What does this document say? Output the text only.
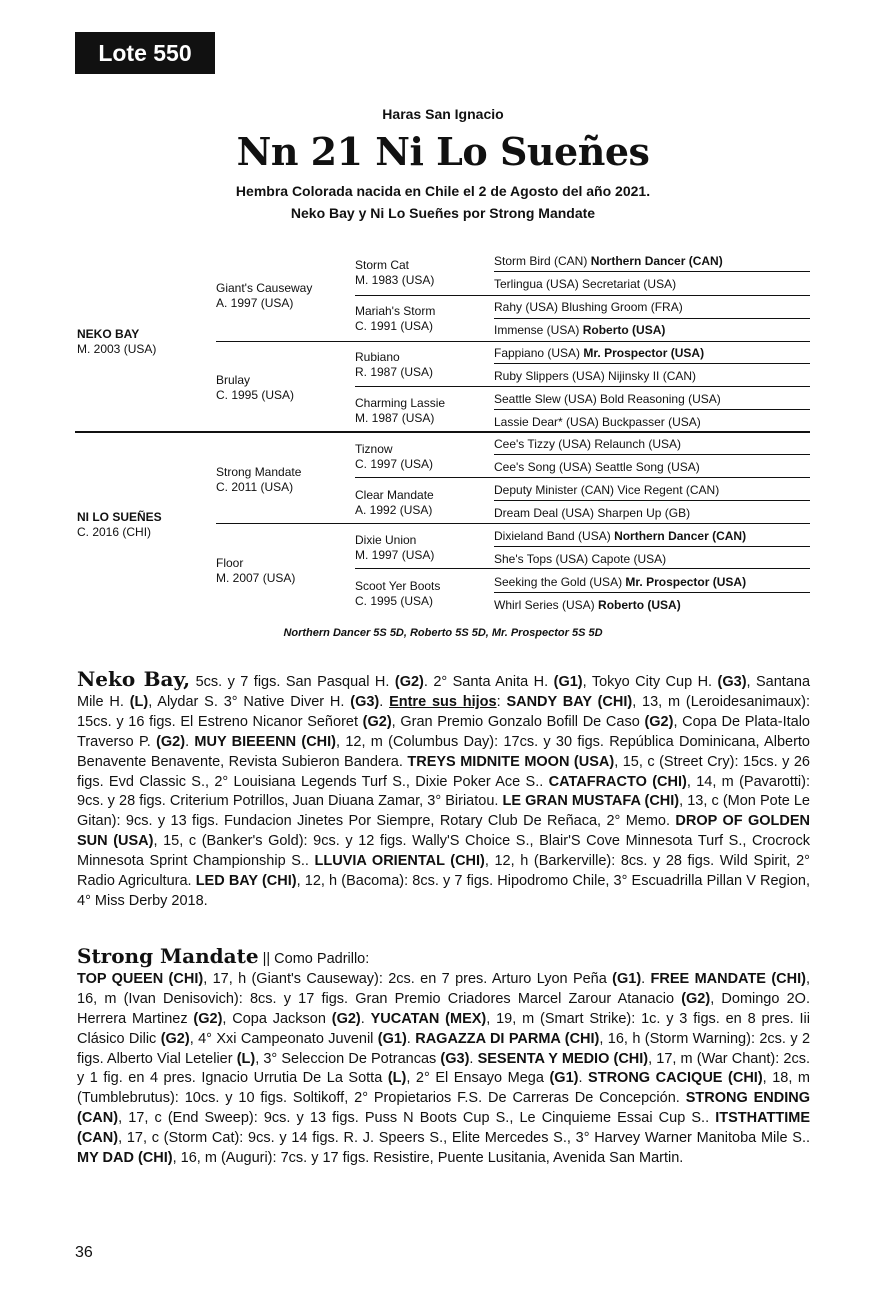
Lote 550
Haras San Ignacio
Nn 21 Ni Lo Sueñes
Hembra Colorada nacida en Chile el 2 de Agosto del año 2021.
Neko Bay y Ni Lo Sueñes por Strong Mandate
NEKO BAY
M. 2003 (USA)
NI LO SUEÑES
C. 2016 (CHI)
Giant's Causeway
A. 1997 (USA)
Brulay
C. 1995 (USA)
Strong Mandate
C. 2011 (USA)
Floor
M. 2007 (USA)
Storm Cat
M. 1983 (USA)
Mariah's Storm
C. 1991 (USA)
Rubiano
R. 1987 (USA)
Charming Lassie
M. 1987 (USA)
Tiznow
C. 1997 (USA)
Clear Mandate
A. 1992 (USA)
Dixie Union
M. 1997 (USA)
Scoot Yer Boots
C. 1995 (USA)
Storm Bird (CAN) Northern Dancer (CAN)
Terlingua (USA) Secretariat (USA)
Rahy (USA) Blushing Groom (FRA)
Immense (USA) Roberto (USA)
Fappiano (USA) Mr. Prospector (USA)
Ruby Slippers (USA) Nijinsky II (CAN)
Seattle Slew (USA) Bold Reasoning (USA)
Lassie Dear* (USA) Buckpasser (USA)
Cee's Tizzy (USA) Relaunch (USA)
Cee's Song (USA) Seattle Song (USA)
Deputy Minister (CAN) Vice Regent (CAN)
Dream Deal (USA) Sharpen Up (GB)
Dixieland Band (USA) Northern Dancer (CAN)
She's Tops (USA) Capote (USA)
Seeking the Gold (USA) Mr. Prospector (USA)
Whirl Series (USA) Roberto (USA)
Northern Dancer 5S 5D, Roberto 5S 5D, Mr. Prospector 5S 5D
Neko Bay, 5cs. y 7 figs. San Pasqual H. (G2). 2° Santa Anita H. (G1), Tokyo City Cup H. (G3), Santana Mile H. (L), Alydar S. 3° Native Diver H. (G3). Entre sus hijos: SANDY BAY (CHI), 13, m (Leroidesanimaux): 15cs. y 16 figs. El Estreno Nicanor Señoret (G2), Gran Premio Gonzalo Bofill De Caso (G2), Copa De Plata-Italo Traverso P. (G2). MUY BIEEENN (CHI), 12, m (Columbus Day): 17cs. y 30 figs. República Dominicana, Alberto Benavente Benavente, Revista Subieron Bandera. TREYS MIDNITE MOON (USA), 15, c (Street Cry): 15cs. y 26 figs. Evd Classic S., 2° Louisiana Legends Turf S., Dixie Poker Ace S.. CATAFRACTO (CHI), 14, m (Pavarotti): 9cs. y 28 figs. Criterium Potrillos, Juan Diuana Zamar, 3° Biriatou. LE GRAN MUSTAFA (CHI), 13, c (Mon Pote Le Gitan): 9cs. y 13 figs. Fundacion Jinetes Por Siempre, Rotary Club De Reñaca, 2° Memo. DROP OF GOLDEN SUN (USA), 15, c (Banker's Gold): 9cs. y 12 figs. Wally'S Choice S., Blair'S Cove Minnesota Turf S., Crocrock Minnesota Sprint Championship S.. LLUVIA ORIENTAL (CHI), 12, h (Barkerville): 8cs. y 28 figs. Wild Spirit, 2° Radio Agricultura. LED BAY (CHI), 12, h (Bacoma): 8cs. y 7 figs. Hipodromo Chile, 3° Escuadrilla Pillan V Region, 4° Miss Derby 2018.
Strong Mandate || Como Padrillo:
TOP QUEEN (CHI), 17, h (Giant's Causeway): 2cs. en 7 pres. Arturo Lyon Peña (G1). FREE MANDATE (CHI), 16, m (Ivan Denisovich): 8cs. y 17 figs. Gran Premio Criadores Marcel Zarour Atanacio (G2), Domingo 2O. Herrera Martinez (G2), Copa Jackson (G2). YUCATAN (MEX), 19, m (Smart Strike): 1c. y 3 figs. en 8 pres. Iii Clásico Dilic (G2), 4° Xxi Campeonato Juvenil (G1). RAGAZZA DI PARMA (CHI), 16, h (Storm Warning): 2cs. y 2 figs. Alberto Vial Letelier (L), 3° Seleccion De Potrancas (G3). SESENTA Y MEDIO (CHI), 17, m (War Chant): 2cs. y 1 fig. en 4 pres. Ignacio Urrutia De La Sotta (L), 2° El Ensayo Mega (G1). STRONG CACIQUE (CHI), 18, m (Tumblebrutus): 10cs. y 10 figs. Soltikoff, 2° Propietarios F.S. De Carreras De Concepción. STRONG ENDING (CAN), 17, c (End Sweep): 9cs. y 13 figs. Puss N Boots Cup S., Le Cinquieme Essai Cup S.. ITSTHATTIME (CAN), 17, c (Storm Cat): 9cs. y 14 figs. R. J. Speers S., Elite Mercedes S., 3° Harvey Warner Manitoba Mile S.. MY DAD (CHI), 16, m (Auguri): 7cs. y 17 figs. Resistire, Puente Lusitania, Avenida San Martin.
36
